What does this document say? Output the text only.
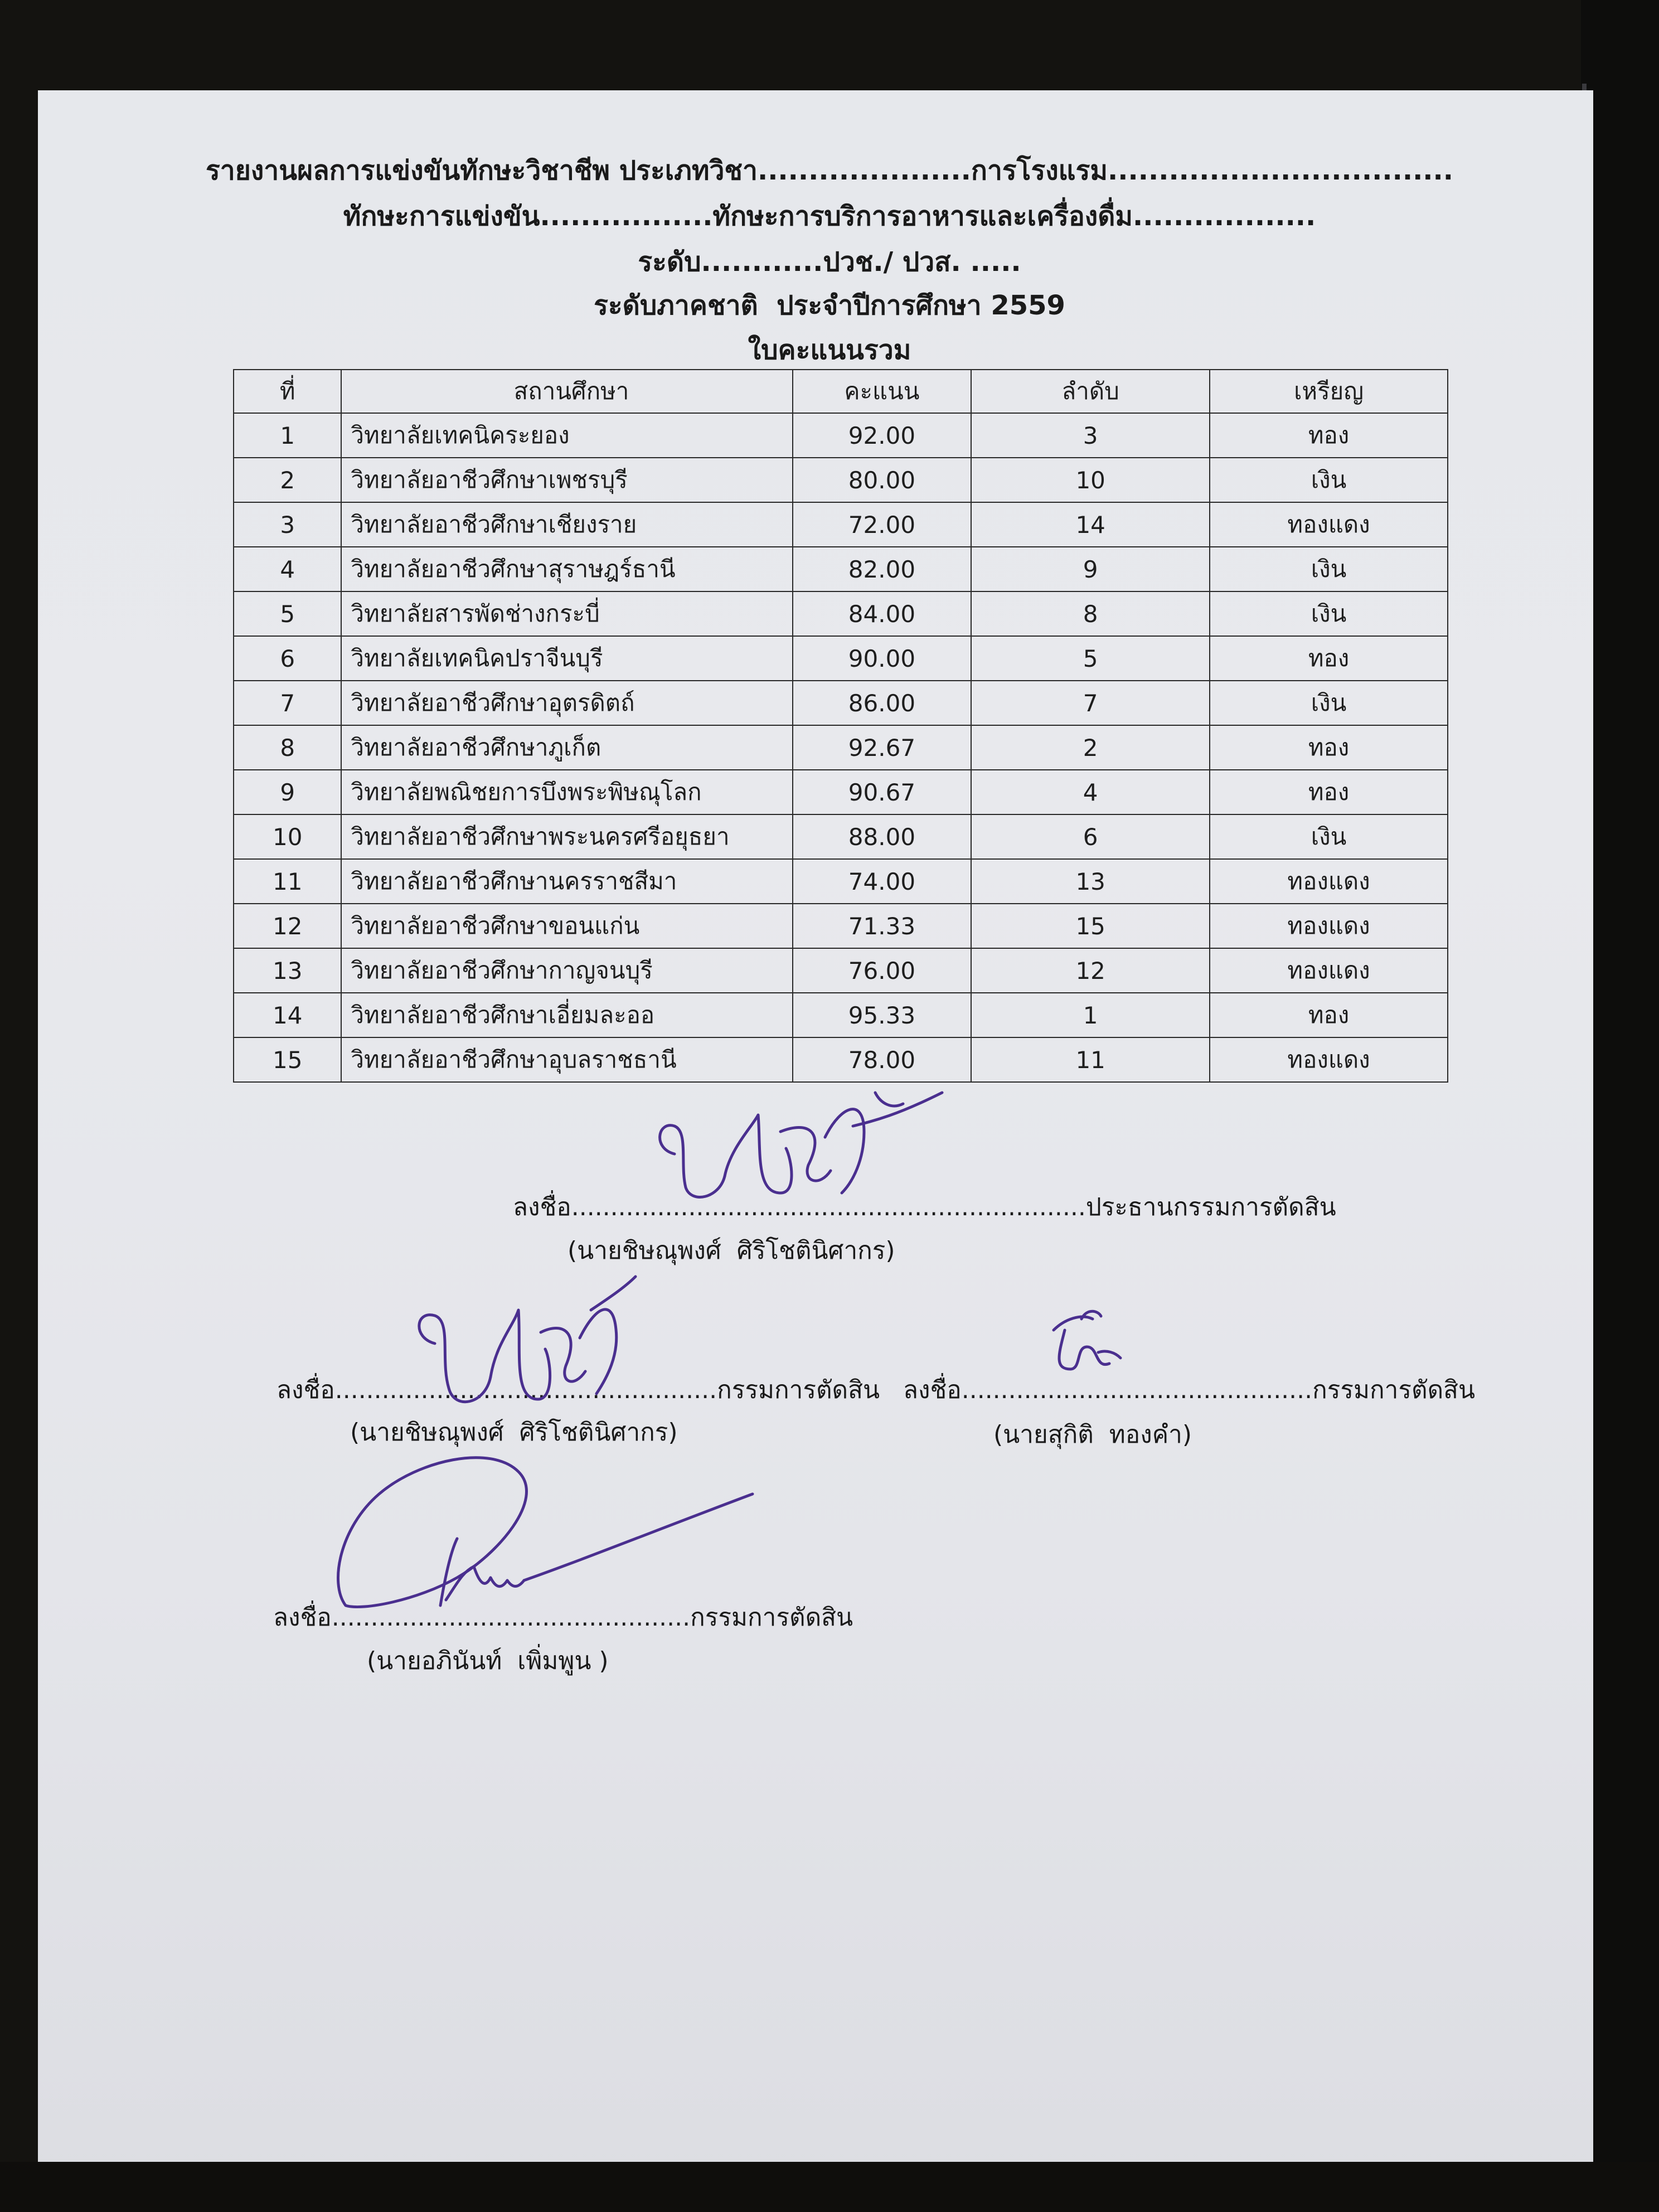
รายงานผลการแข่งขันทักษะวิชาชีพ ประเภทวิชา.....................การโรงแรม..................................
ทักษะการแข่งขัน.................ทักษะการบริการอาหารและเครื่องดื่ม..................
ระดับ............ปวช./ ปวส. .....
ระดับภาคชาติ  ประจำปีการศึกษา 2559
ใบคะแนนรวม
ที่	สถานศึกษา	คะแนน	ลำดับ	เหรียญ
1	วิทยาลัยเทคนิคระยอง	92.00	3	ทอง
2	วิทยาลัยอาชีวศึกษาเพชรบุรี	80.00	10	เงิน
3	วิทยาลัยอาชีวศึกษาเชียงราย	72.00	14	ทองแดง
4	วิทยาลัยอาชีวศึกษาสุราษฎร์ธานี	82.00	9	เงิน
5	วิทยาลัยสารพัดช่างกระบี่	84.00	8	เงิน
6	วิทยาลัยเทคนิคปราจีนบุรี	90.00	5	ทอง
7	วิทยาลัยอาชีวศึกษาอุตรดิตถ์	86.00	7	เงิน
8	วิทยาลัยอาชีวศึกษาภูเก็ต	92.67	2	ทอง
9	วิทยาลัยพณิชยการบึงพระพิษณุโลก	90.67	4	ทอง
10	วิทยาลัยอาชีวศึกษาพระนครศรีอยุธยา	88.00	6	เงิน
11	วิทยาลัยอาชีวศึกษานครราชสีมา	74.00	13	ทองแดง
12	วิทยาลัยอาชีวศึกษาขอนแก่น	71.33	15	ทองแดง
13	วิทยาลัยอาชีวศึกษากาญจนบุรี	76.00	12	ทองแดง
14	วิทยาลัยอาชีวศึกษาเอี่ยมละออ	95.33	1	ทอง
15	วิทยาลัยอาชีวศึกษาอุบลราชธานี	78.00	11	ทองแดง
ลงชื่อ..................................................................ประธานกรรมการตัดสิน
(นายชิษณุพงศ์  ศิริโชตินิศากร)
ลงชื่อ.................................................กรรมการตัดสิน
(นายชิษณุพงศ์  ศิริโชตินิศากร)
ลงชื่อ.............................................กรรมการตัดสิน
(นายสุกิติ  ทองคำ)
ลงชื่อ..............................................กรรมการตัดสิน
(นายอภินันท์  เพิ่มพูน )
